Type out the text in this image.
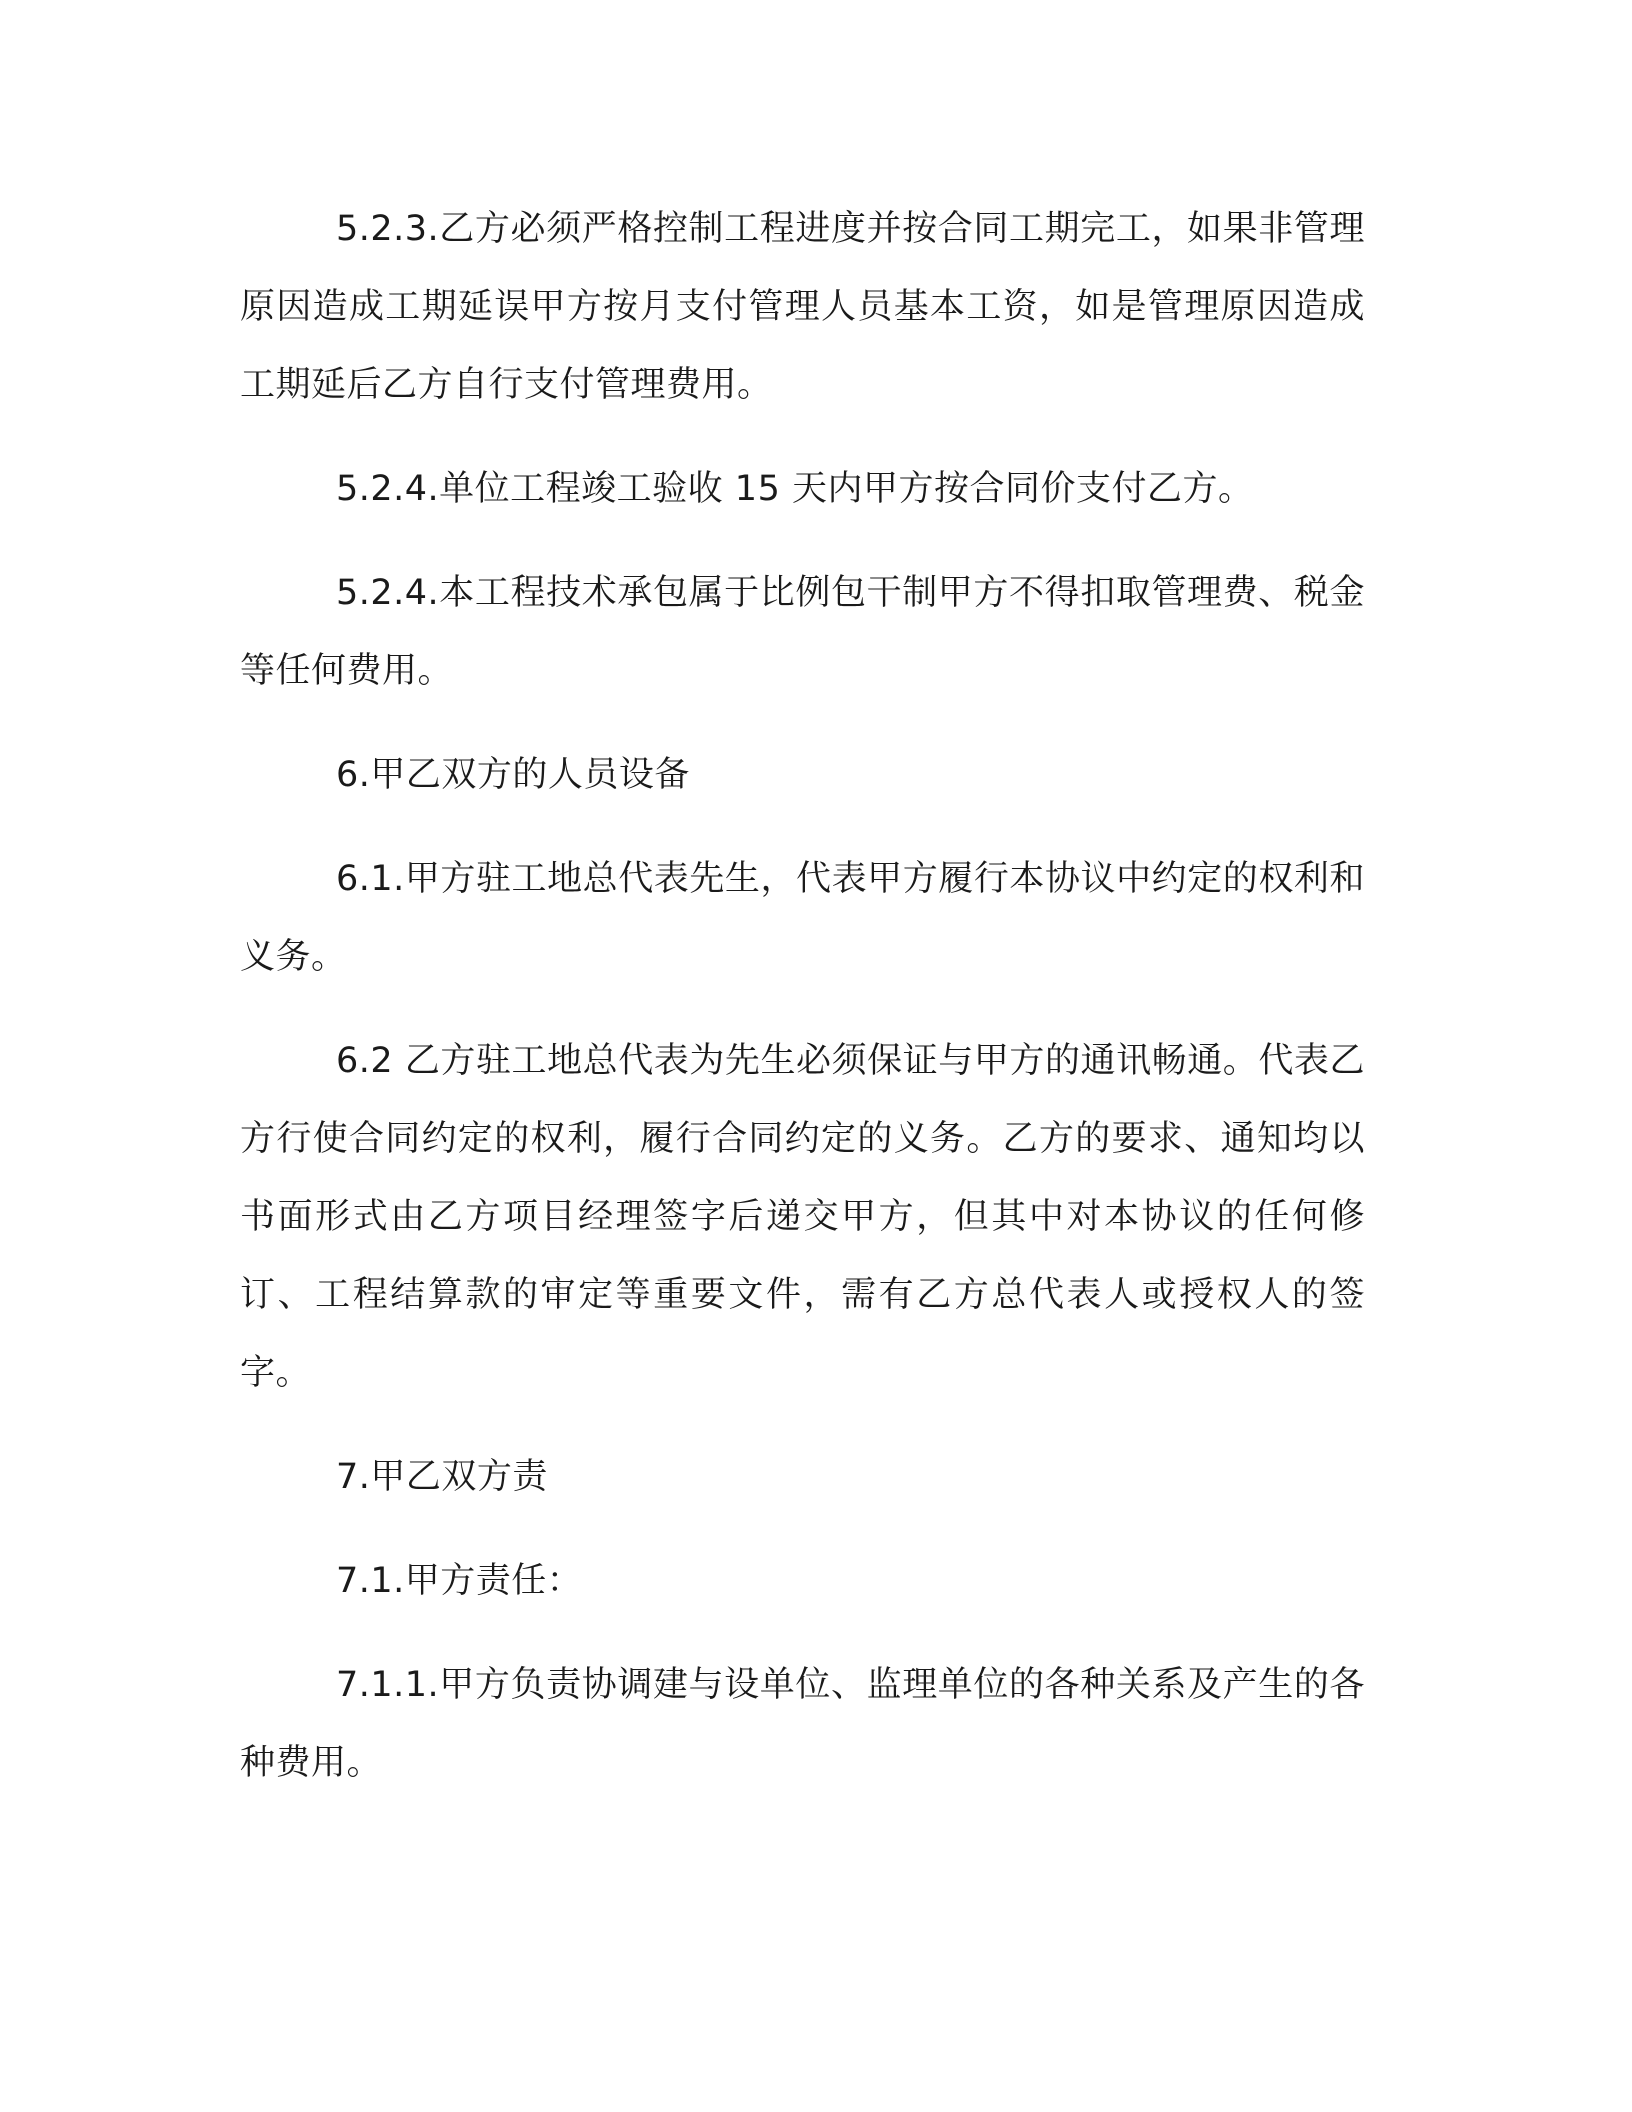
5.2.3.乙方必须严格控制工程进度并按合同工期完工，如果非管理原因造成工期延误甲方按月支付管理人员基本工资，如是管理原因造成工期延后乙方自行支付管理费用。

5.2.4.单位工程竣工验收 15 天内甲方按合同价支付乙方。

5.2.4.本工程技术承包属于比例包干制甲方不得扣取管理费、税金等任何费用。

6.甲乙双方的人员设备

6.1.甲方驻工地总代表先生，代表甲方履行本协议中约定的权利和义务。

6.2 乙方驻工地总代表为先生必须保证与甲方的通讯畅通。代表乙方行使合同约定的权利，履行合同约定的义务。乙方的要求、通知均以书面形式由乙方项目经理签字后递交甲方，但其中对本协议的任何修订、工程结算款的审定等重要文件，需有乙方总代表人或授权人的签字。

7.甲乙双方责

7.1.甲方责任：

7.1.1.甲方负责协调建与设单位、监理单位的各种关系及产生的各种费用。
